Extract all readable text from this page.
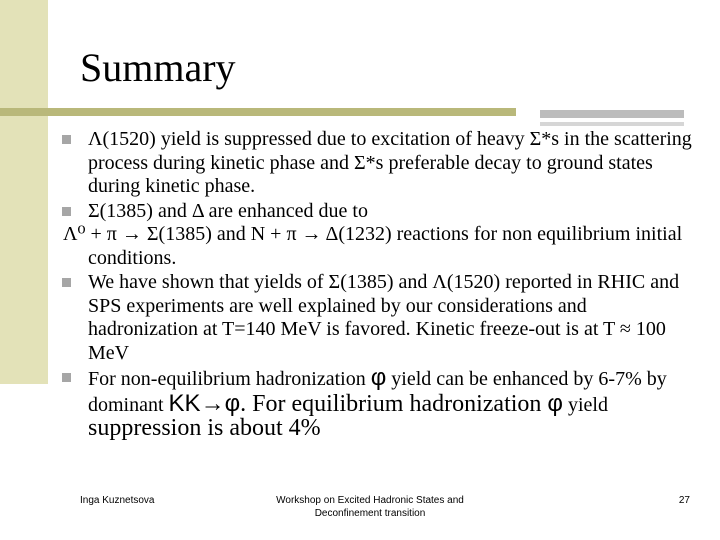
Summary
Λ(1520) yield is suppressed due to excitation of heavy Σ*s in the scattering process during kinetic phase and Σ*s preferable decay to ground states during kinetic phase.
Σ(1385) and Δ are enhanced due to
Λ⁰ + π → Σ(1385) and N + π → Δ(1232) reactions for non equilibrium initial conditions.
We have shown that yields of Σ(1385) and Λ(1520) reported in RHIC and SPS experiments are well explained by our considerations and hadronization at T=140 MeV is favored. Kinetic freeze-out is at T ≈ 100 MeV
For non-equilibrium hadronization φ yield can be enhanced by 6-7% by dominant KK→φ. For equilibrium hadronization φ yield suppression is about 4%
Inga Kuznetsova	Workshop on Excited Hadronic States and Deconfinement transition
27
